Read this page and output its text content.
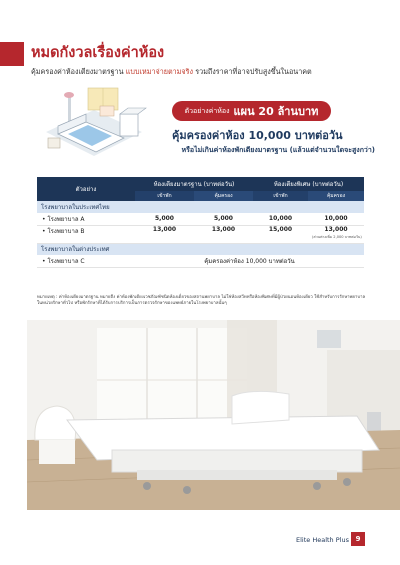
หมดกังวลเรื่องค่าห้อง
คุ้มครองค่าห้องเตียงมาตรฐาน แบบเหมาจ่ายตามจริง รวมถึงราคาที่อาจปรับสูงขึ้นในอนาคต
ตัวอย่างค่าห้อง แผน 20 ล้านบาท
คุ้มครองค่าห้อง 10,000 บาทต่อวัน
หรือไม่เกินค่าห้องพักเตียงมาตรฐาน (แล้วแต่จำนวนใดจะสูงกว่า)
ตัวอย่าง	ห้องเตียงมาตรฐาน (บาทต่อวัน)		ห้องเตียงพิเศษ (บาทต่อวัน)	
	เข้าพัก	คุ้มครอง	เข้าพัก	คุ้มครอง
โรงพยาบาลในประเทศไทย				
• โรงพยาบาล A	5,000	5,000	10,000	10,000
• โรงพยาบาล B	13,000	13,000	15,000	13,000
(ส่วนต่างเพิ่ม 2,000 บาทต่อวัน)

โรงพยาบาลในต่างประเทศ				
• โรงพยาบาล C	คุ้มครองค่าห้อง 10,000 บาทต่อวัน			
หมายเหตุ : ค่าห้องเตียงมาตรฐาน หมายถึง ค่าห้องพักเตียงเวชภัณฑ์ชนิดห้องเดี่ยวของสถานพยาบาล ไม่ใช่ห้องสวีทหรือห้องพิเศษที่มีผู้ป่วยนอนห้องเดียว ใช้สำหรับการรักษาพยาบาลในหน่วยรักษาทั่วไป หรือพักรักษาที่ได้รับการบริการเป็นการตรวจรักษาของแพทย์ภายในโรงพยาบาลนั้นๆ
Elite Health Plus 9
